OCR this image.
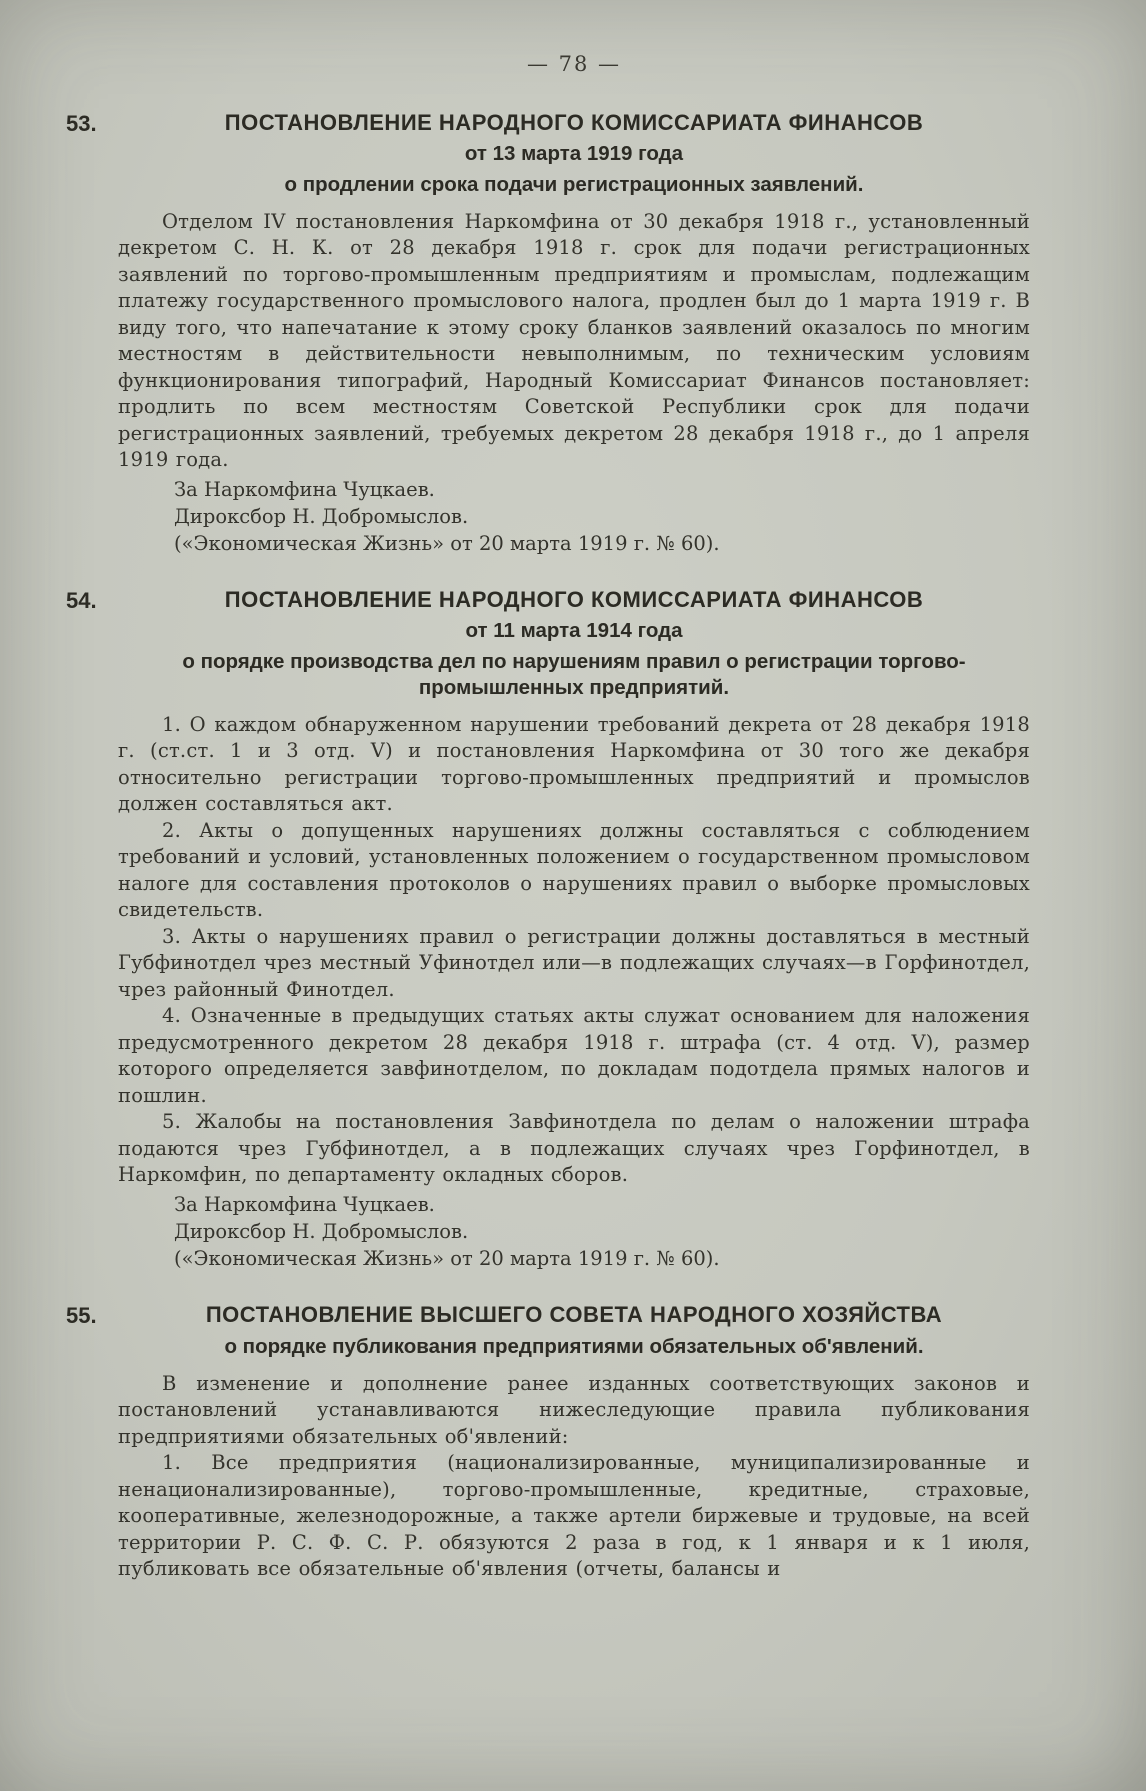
— 78 —
53.	ПОСТАНОВЛЕНИЕ НАРОДНОГО КОМИССАРИАТА ФИНАНСОВ
от 13 марта 1919 года
о продлении срока подачи регистрационных заявлений.

Отделом IV постановления Наркомфина от 30 декабря 1918 г., установленный декретом С. Н. К. от 28 декабря 1918 г. срок для подачи регистрационных заявлений по торгово-промышленным предприятиям и промыслам, подлежащим платежу государственного промыслового налога, продлен был до 1 марта 1919 г. В виду того, что напечатание к этому сроку бланков заявлений оказалось по многим местностям в действительности невыполнимым, по техническим условиям функционирования типографий, Народный Комиссариат Финансов постановляет: продлить по всем местностям Советской Республики срок для подачи регистрационных заявлений, требуемых декретом 28 декабря 1918 г., до 1 апреля 1919 года.

За Наркомфина Чуцкаев.
Дироксбор Н. Добромыслов.
(«Экономическая Жизнь» от 20 марта 1919 г. № 60).
54.	ПОСТАНОВЛЕНИЕ НАРОДНОГО КОМИССАРИАТА ФИНАНСОВ
от 11 марта 1914 года
о порядке производства дел по нарушениям правил о регистрации торгово-промышленных предприятий.

1. О каждом обнаруженном нарушении требований декрета от 28 декабря 1918 г. (ст.ст. 1 и 3 отд. V) и постановления Наркомфина от 30 того же декабря относительно регистрации торгово-промышленных предприятий и промыслов должен составляться акт.

2. Акты о допущенных нарушениях должны составляться с соблюдением требований и условий, установленных положением о государственном промысловом налоге для составления протоколов о нарушениях правил о выборке промысловых свидетельств.

3. Акты о нарушениях правил о регистрации должны доставляться в местный Губфинотдел чрез местный Уфинотдел или—в подлежащих случаях—в Горфинотдел, чрез районный Финотдел.

4. Означенные в предыдущих статьях акты служат основанием для наложения предусмотренного декретом 28 декабря 1918 г. штрафа (ст. 4 отд. V), размер которого определяется завфинотделом, по докладам подотдела прямых налогов и пошлин.

5. Жалобы на постановления Завфинотдела по делам о наложении штрафа подаются чрез Губфинотдел, а в подлежащих случаях чрез Горфинотдел, в Наркомфин, по департаменту окладных сборов.

За Наркомфина Чуцкаев.
Дироксбор Н. Добромыслов.
(«Экономическая Жизнь» от 20 марта 1919 г. № 60).
55.	ПОСТАНОВЛЕНИЕ ВЫСШЕГО СОВЕТА НАРОДНОГО ХОЗЯЙСТВА
о порядке публикования предприятиями обязательных об'явлений.

В изменение и дополнение ранее изданных соответствующих законов и постановлений устанавливаются нижеследующие правила публикования предприятиями обязательных об'явлений:

1. Все предприятия (национализированные, муниципализированные и ненационализированные), торгово-промышленные, кредитные, страховые, кооперативные, железнодорожные, а также артели биржевые и трудовые, на всей территории Р. С. Ф. С. Р. обязуются 2 раза в год, к 1 января и к 1 июля, публиковать все обязательные об'явления (отчеты, балансы и
